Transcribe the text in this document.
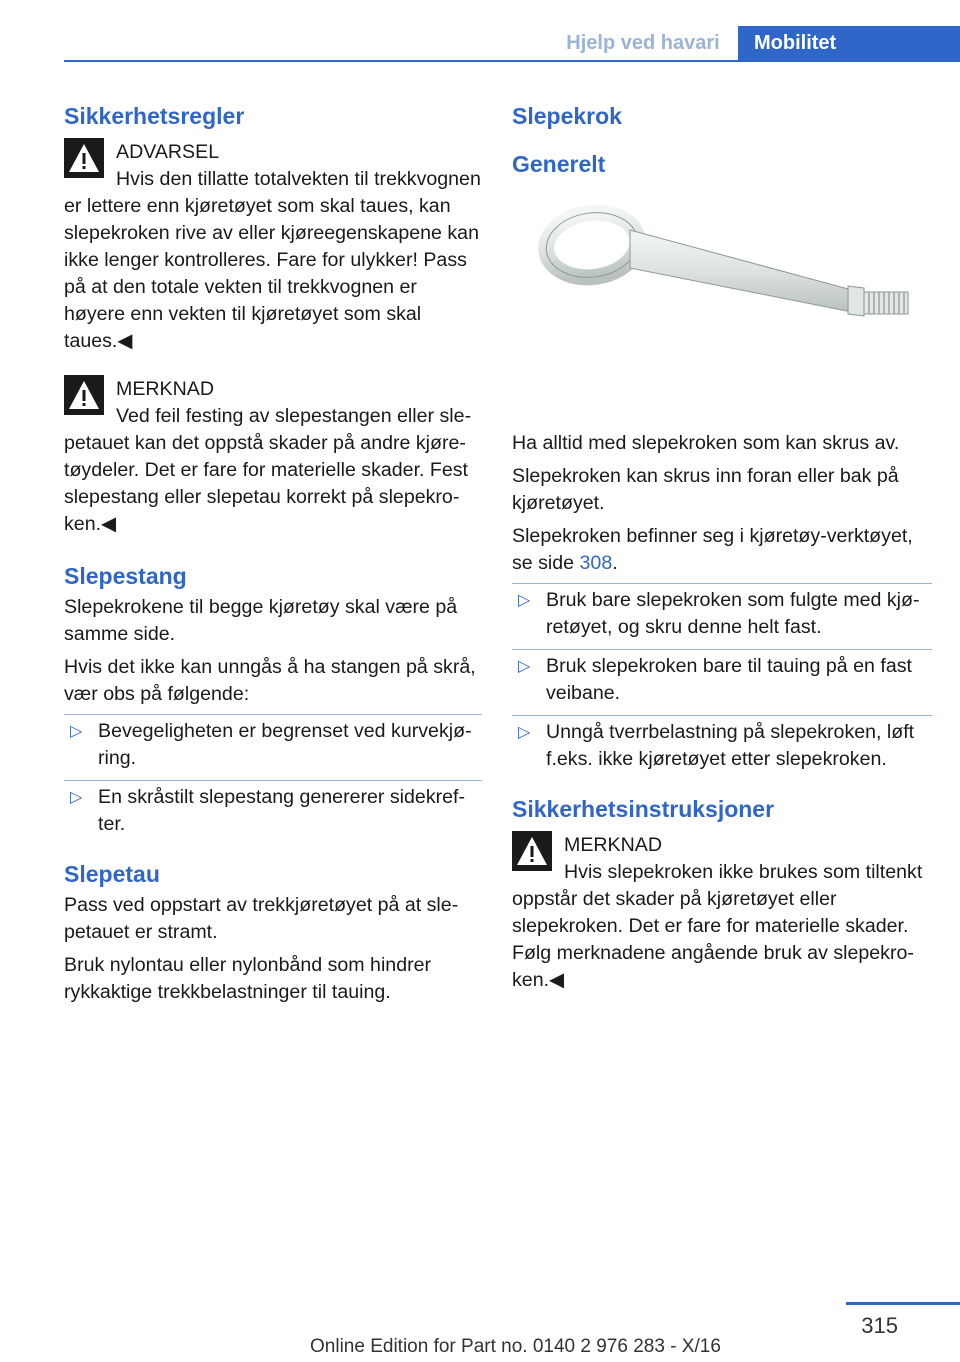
Hjelp ved havari	Mobilitet
Sikkerhetsregler
ADVARSEL
Hvis den tillatte totalvekten til trekkvognen er lettere enn kjøretøyet som skal taues, kan slepekroken rive av eller kjøreegenskapene kan ikke lenger kontrolleres. Fare for ulykker! Pass på at den totale vekten til trekkvognen er høyere enn vekten til kjøretøyet som skal taues.◀
MERKNAD
Ved feil festing av slepestangen eller slepetauet kan det oppstå skader på andre kjøretøydeler. Det er fare for materielle skader. Fest slepestang eller slepetau korrekt på slepekroken.◀
Slepestang

Slepekrokene til begge kjøretøy skal være på samme side.

Hvis det ikke kan unngås å ha stangen på skrå, vær obs på følgende:

▷ Bevegeligheten er begrenset ved kurvekjøring.
▷ En skråstilt slepestang genererer sidekrefter.
Slepetau

Pass ved oppstart av trekkjøretøyet på at slepetauet er stramt.

Bruk nylontau eller nylonbånd som hindrer rykkaktige trekkbelastninger til tauing.

Slepekrok
Generelt

Ha alltid med slepekroken som kan skrus av.

Slepekroken kan skrus inn foran eller bak på kjøretøyet.

Slepekroken befinner seg i kjøretøy-verktøyet, se side 308.

▷ Bruk bare slepekroken som fulgte med kjøretøyet, og skru denne helt fast.
▷ Bruk slepekroken bare til tauing på en fast veibane.
▷ Unngå tverrbelastning på slepekroken, løft f.eks. ikke kjøretøyet etter slepekroken.
Sikkerhetsinstruksjoner
MERKNAD
Hvis slepekroken ikke brukes som tiltenkt oppstår det skader på kjøretøyet eller slepekroken. Det er fare for materielle skader. Følg merknadene angående bruk av slepekroken.◀
315
Online Edition for Part no. 0140 2 976 283 - X/16
